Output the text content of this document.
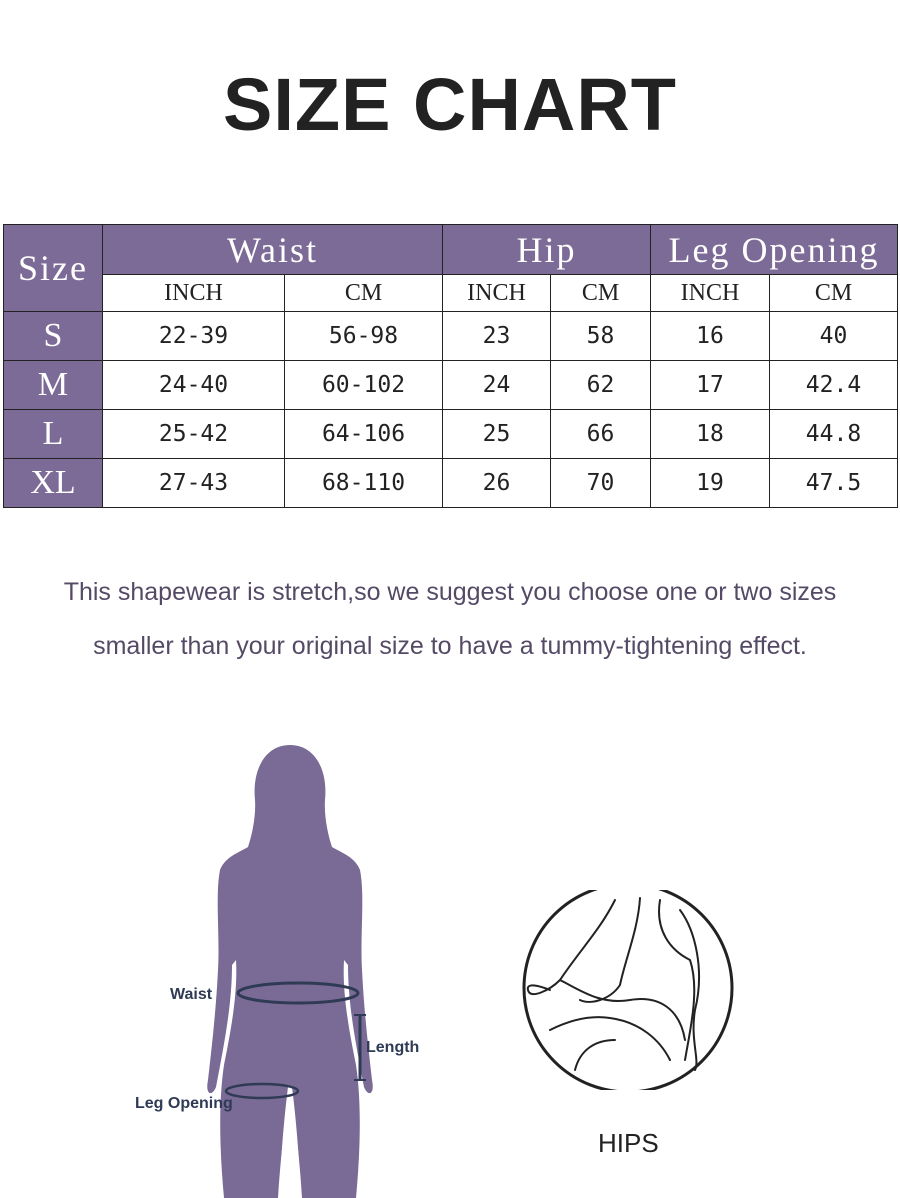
SIZE CHART
Size	Waist		Hip		Leg Opening	
	INCH	CM	INCH	CM	INCH	CM
S	22-39	56-98	23	58	16	40
M	24-40	60-102	24	62	17	42.4
L	25-42	64-106	25	66	18	44.8
XL	27-43	68-110	26	70	19	47.5
This shapewear is stretch,so we suggest you choose one or two sizes
smaller than your original size to have a tummy-tightening effect.
Waist
Length
Leg Opening
HIPS
